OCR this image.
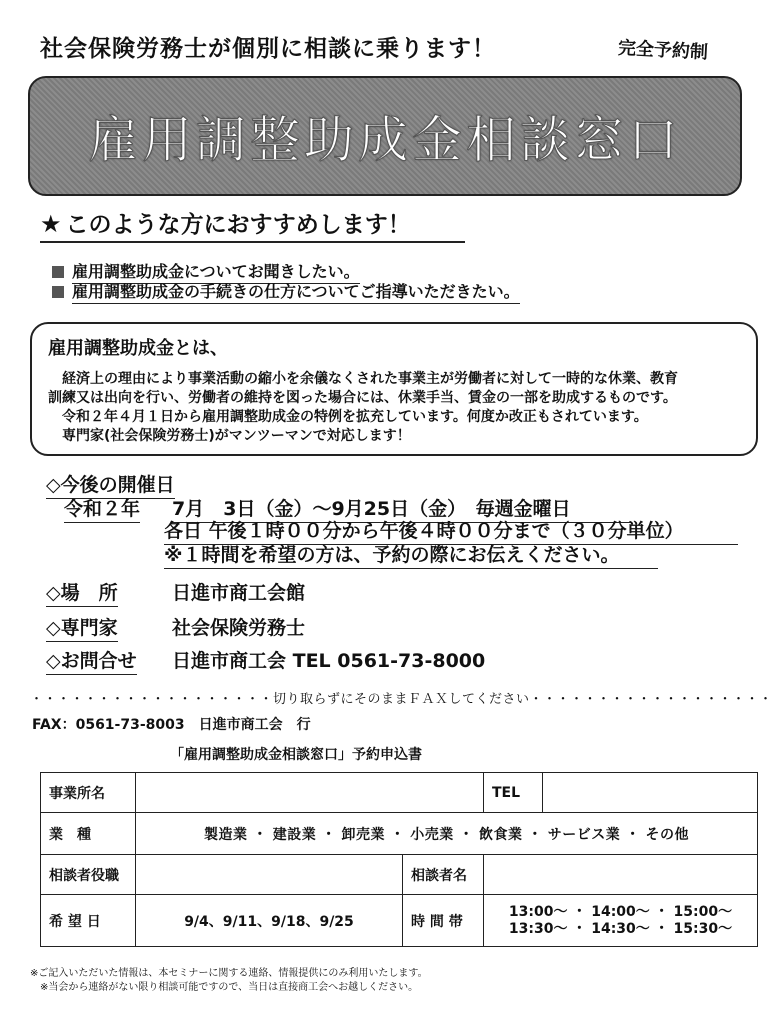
社会保険労務士が個別に相談に乗ります！	完全予約制
雇用調整助成金相談窓口
★ このような方におすすめします！
雇用調整助成金についてお聞きしたい。
雇用調整助成金の手続きの仕方についてご指導いただきたい。
雇用調整助成金とは、
　経済上の理由により事業活動の縮小を余儀なくされた事業主が労働者に対して一時的な休業、教育
訓練又は出向を行い、労働者の維持を図った場合には、休業手当、賃金の一部を助成するものです。
　令和２年４月１日から雇用調整助成金の特例を拡充しています。何度か改正もされています。
　専門家(社会保険労務士)がマンツーマンで対応します！
◇今後の開催日
令和２年 7月　3日（金）～9月25日（金）　毎週金曜日
各日 午後１時００分から午後４時００分まで（３０分単位）
※１時間を希望の方は、予約の際にお伝えください。
◇場　所	日進市商工会館
◇専門家	社会保険労務士
◇お問合せ 日進市商工会 TEL 0561-73-8000
・・・・・・・・・・・・・・・・・・切り取らずにそのままＦＡＸしてください・・・・・・・・・・・・・・・・・・
FAX：0561-73-8003　日進市商工会　行
「雇用調整助成金相談窓口」予約申込書
事業所名			TEL	
業　種	製造業 ・ 建設業 ・ 卸売業 ・ 小売業 ・ 飲食業 ・ サービス業 ・ その他			
相談者役職		相談者名		
希 望 日	9/4、9/11、9/18、9/25	時 間 帯	13:00～ ・ 14:00～ ・ 15:00～
13:30～ ・ 14:30～ ・ 15:30～	
※ご記入いただいた情報は、本セミナーに関する連絡、情報提供にのみ利用いたします。
　※当会から連絡がない限り相談可能ですので、当日は直接商工会へお越しください。
